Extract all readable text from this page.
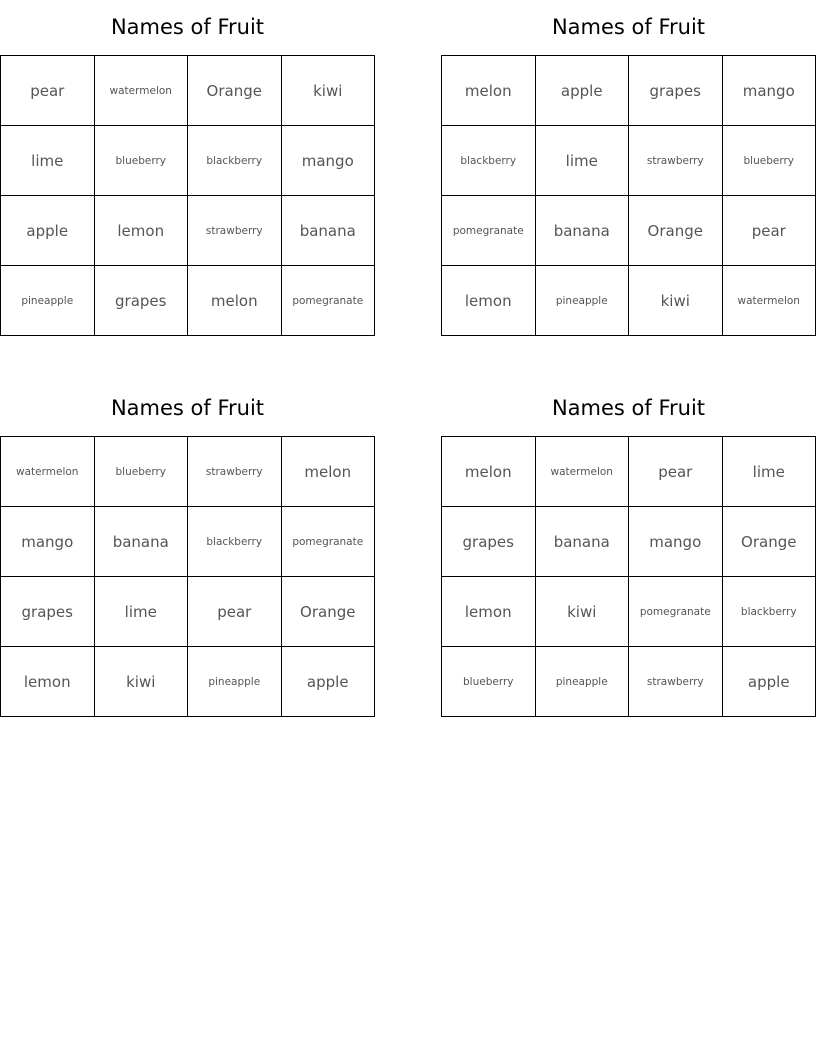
Names of Fruit
pear	watermelon	Orange	kiwi
lime	blueberry	blackberry	mango
apple	lemon	strawberry	banana
pineapple	grapes	melon	pomegranate
Names of Fruit
melon	apple	grapes	mango
blackberry	lime	strawberry	blueberry
pomegranate	banana	Orange	pear
lemon	pineapple	kiwi	watermelon
Names of Fruit
watermelon	blueberry	strawberry	melon
mango	banana	blackberry	pomegranate
grapes	lime	pear	Orange
lemon	kiwi	pineapple	apple
Names of Fruit
melon	watermelon	pear	lime
grapes	banana	mango	Orange
lemon	kiwi	pomegranate	blackberry
blueberry	pineapple	strawberry	apple
